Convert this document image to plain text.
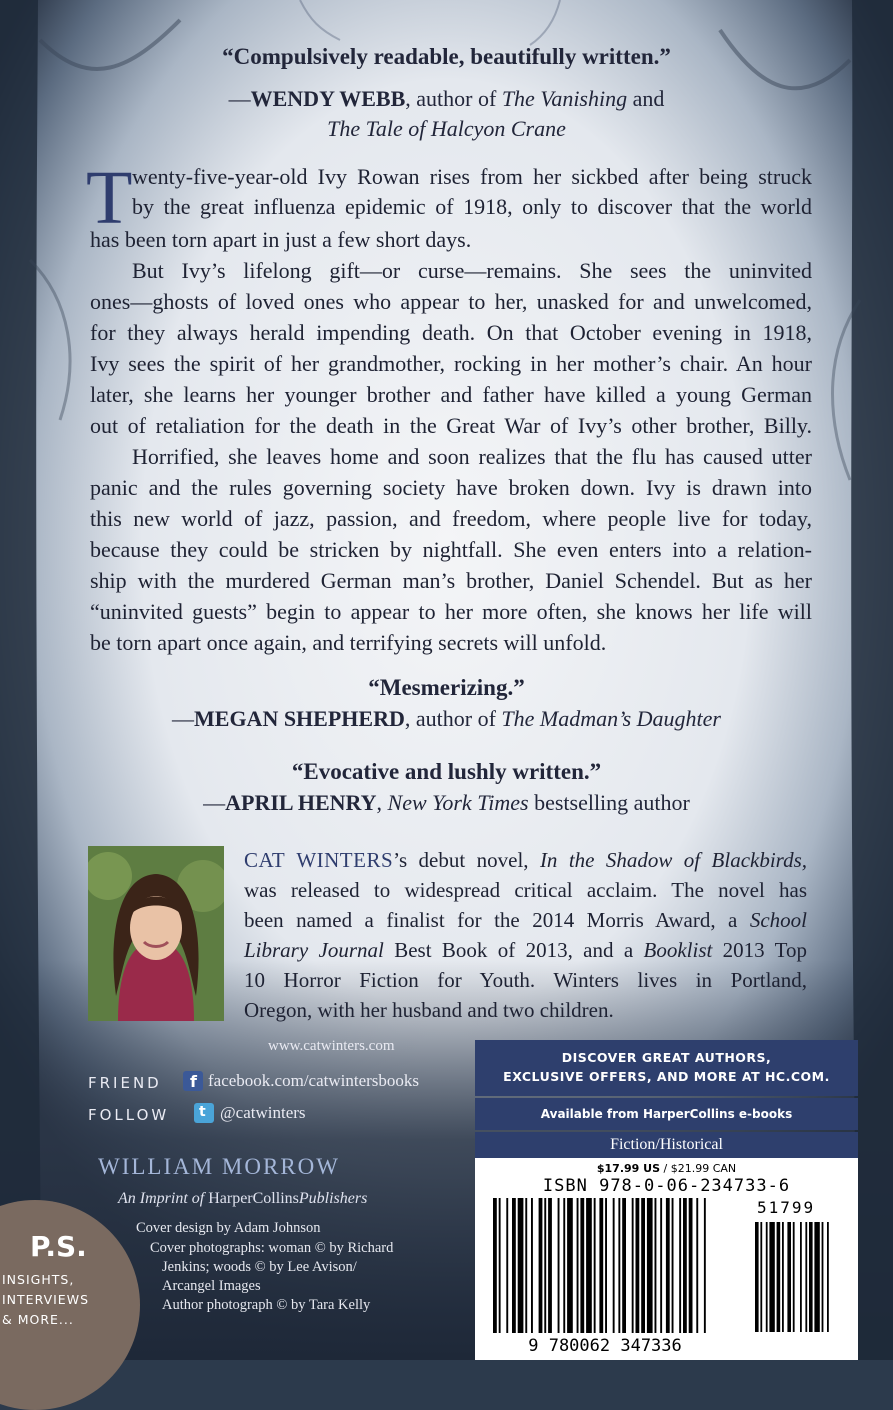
“Compulsively readable, beautifully written.”
—WENDY WEBB, author of The Vanishing and
The Tale of Halcyon Crane
T wenty-five-year-old Ivy Rowan rises from her sickbed after being struck
by the great influenza epidemic of 1918, only to discover that the world
has been torn apart in just a few short days.
But Ivy’s lifelong gift—or curse—remains. She sees the uninvited
ones—ghosts of loved ones who appear to her, unasked for and unwelcomed,
for they always herald impending death. On that October evening in 1918,
Ivy sees the spirit of her grandmother, rocking in her mother’s chair. An hour
later, she learns her younger brother and father have killed a young German
out of retaliation for the death in the Great War of Ivy’s other brother, Billy.
Horrified, she leaves home and soon realizes that the flu has caused utter
panic and the rules governing society have broken down. Ivy is drawn into
this new world of jazz, passion, and freedom, where people live for today,
because they could be stricken by nightfall. She even enters into a relation-
ship with the murdered German man’s brother, Daniel Schendel. But as her
“uninvited guests” begin to appear to her more often, she knows her life will
be torn apart once again, and terrifying secrets will unfold.
“Mesmerizing.”
—MEGAN SHEPHERD, author of The Madman’s Daughter
“Evocative and lushly written.”
—APRIL HENRY, New York Times bestselling author
CAT WINTERS’s debut novel, In the Shadow of Blackbirds,
was released to widespread critical acclaim. The novel has
been named a finalist for the 2014 Morris Award, a School
Library Journal Best Book of 2013, and a Booklist 2013 Top
10 Horror Fiction for Youth. Winters lives in Portland,
Oregon, with her husband and two children.
www.catwinters.com
FRIEND f facebook.com/catwintersbooks
FOLLOW t @catwinters
WILLIAM MORROW
An Imprint of HarperCollinsPublishers
P.S.
INSIGHTS,
INTERVIEWS
& MORE...
Cover design by Adam Johnson
Cover photographs: woman © by Richard
Jenkins; woods © by Lee Avison/
Arcangel Images
Author photograph © by Tara Kelly
DISCOVER GREAT AUTHORS,
EXCLUSIVE OFFERS, AND MORE AT HC.COM.
Available from HarperCollins e-books
Fiction/Historical
$17.99 US / $21.99 CAN
ISBN 978-0-06-234733-6
51799
9 780062 347336
